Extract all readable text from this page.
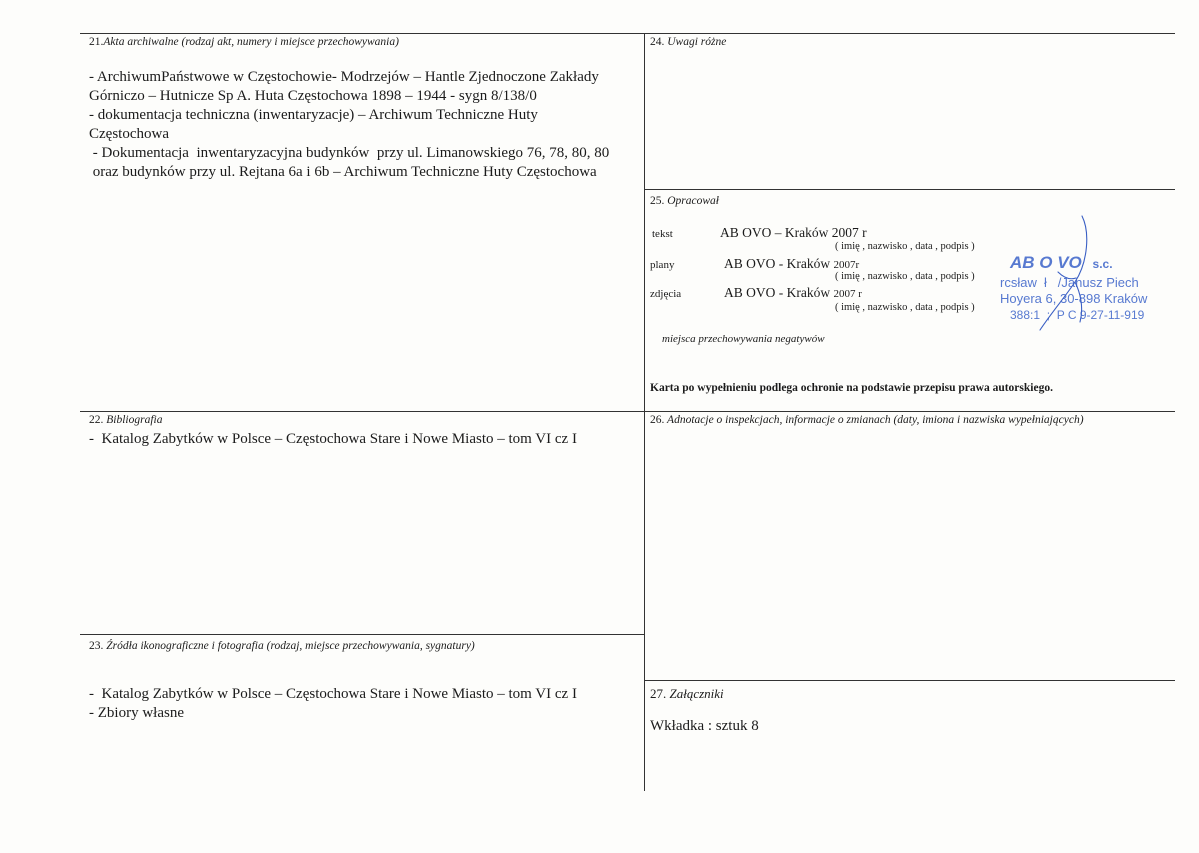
21.Akta archiwalne (rodzaj akt, numery i miejsce przechowywania)
- ArchiwumPaństwowe w Częstochowie- Modrzejów – Hantle Zjednoczone Zakłady
Górniczo – Hutnicze Sp A. Huta Częstochowa 1898 – 1944 - sygn 8/138/0
- dokumentacja techniczna (inwentaryzacje) – Archiwum Techniczne Huty
Częstochowa
- Dokumentacja  inwentaryzacyjna budynków  przy ul. Limanowskiego 76, 78, 80, 80
oraz budynków przy ul. Rejtana 6a i 6b – Archiwum Techniczne Huty Częstochowa
24. Uwagi różne
25. Opracował
tekst	AB OVO – Kraków 2007 r
( imię , nazwisko , data , podpis )
plany	AB OVO - Kraków 2007r
( imię , nazwisko , data , podpis )
zdjęcia	AB OVO - Kraków 2007 r
( imię , nazwisko , data , podpis )
miejsca przechowywania negatywów
Karta po wypełnieniu podlega ochronie na podstawie przepisu prawa autorskiego.
AB O VO s.c.
rcsław  ł   /Janusz Piech
Hoyera 6, 30-898 Kraków
388:1  ;  P C 9-27-11-919
22. Bibliografia
-  Katalog Zabytków w Polsce – Częstochowa Stare i Nowe Miasto – tom VI cz I
26. Adnotacje o inspekcjach, informacje o zmianach (daty, imiona i nazwiska wypełniających)
23. Źródła ikonograficzne i fotografia (rodzaj, miejsce przechowywania, sygnatury)
-  Katalog Zabytków w Polsce – Częstochowa Stare i Nowe Miasto – tom VI cz I
- Zbiory własne
27. Załączniki
Wkładka : sztuk 8
